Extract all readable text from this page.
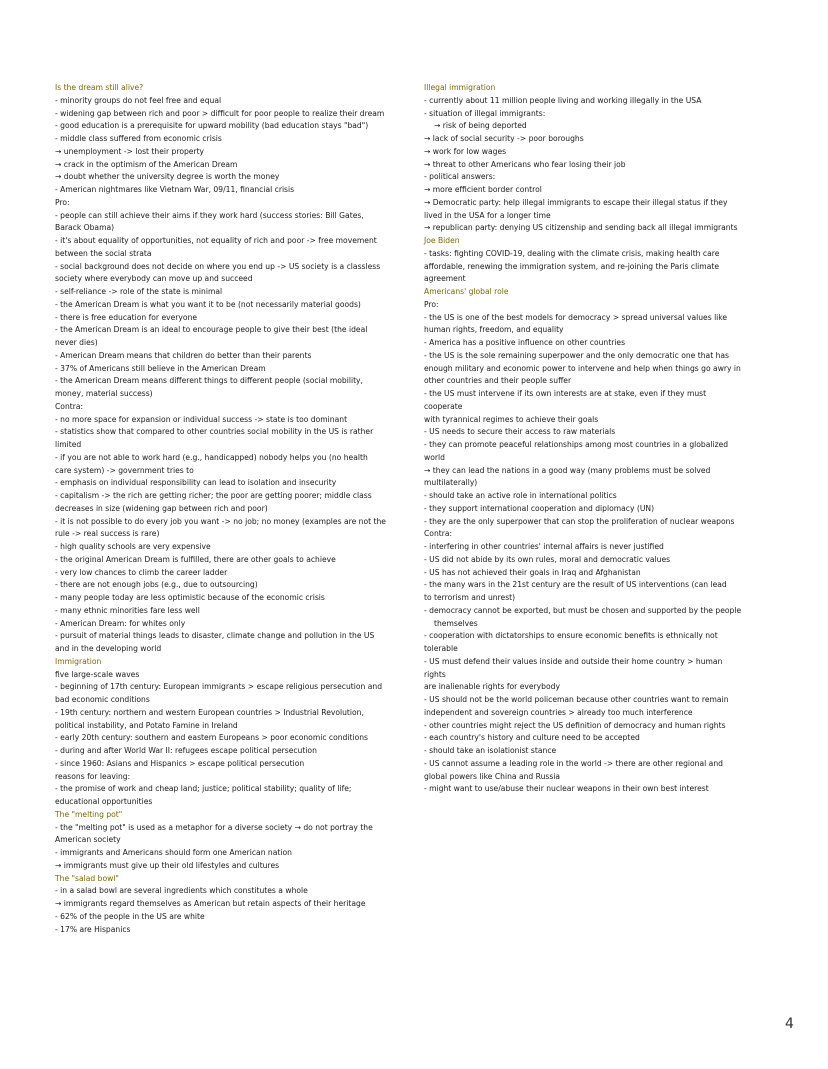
Is the dream still alive?
- minority groups do not feel free and equal
- widening gap between rich and poor > difficult for poor people to realize their dream
- good education is a prerequisite for upward mobility (bad education stays "bad")
- middle class suffered from economic crisis
→ unemployment -> lost their property
→ crack in the optimism of the American Dream
→ doubt whether the university degree is worth the money
- American nightmares like Vietnam War, 09/11, financial crisis
Pro:
- people can still achieve their aims if they work hard (success stories: Bill Gates,
Barack Obama)
- it's about equality of opportunities, not equality of rich and poor -> free movement
between the social strata
- social background does not decide on where you end up -> US society is a classless
society where everybody can move up and succeed
- self-reliance -> role of the state is minimal
- the American Dream is what you want it to be (not necessarily material goods)
- there is free education for everyone
- the American Dream is an ideal to encourage people to give their best (the ideal
never dies)
- American Dream means that children do better than their parents
- 37% of Americans still believe in the American Dream
- the American Dream means different things to different people (social mobility,
money, material success)
Contra:
- no more space for expansion or individual success -> state is too dominant
- statistics show that compared to other countries social mobility in the US is rather
limited
- if you are not able to work hard (e.g., handicapped) nobody helps you (no health
care system) -> government tries to
- emphasis on individual responsibility can lead to isolation and insecurity
- capitalism -> the rich are getting richer; the poor are getting poorer; middle class
decreases in size (widening gap between rich and poor)
- it is not possible to do every job you want -> no job; no money (examples are not the
rule -> real success is rare)
- high quality schools are very expensive
- the original American Dream is fulfilled, there are other goals to achieve
- very low chances to climb the career ladder
- there are not enough jobs (e.g., due to outsourcing)
- many people today are less optimistic because of the economic crisis
- many ethnic minorities fare less well
- American Dream: for whites only
- pursuit of material things leads to disaster, climate change and pollution in the US
and in the developing world
Immigration
five large-scale waves
- beginning of 17th century: European immigrants > escape religious persecution and
bad economic conditions
- 19th century: northern and western European countries > Industrial Revolution,
political instability, and Potato Famine in Ireland
- early 20th century: southern and eastern Europeans > poor economic conditions
- during and after World War II: refugees escape political persecution
- since 1960: Asians and Hispanics > escape political persecution
reasons for leaving:
- the promise of work and cheap land; justice; political stability; quality of life;
educational opportunities
The "melting pot"
- the "melting pot" is used as a metaphor for a diverse society → do not portray the
American society
- immigrants and Americans should form one American nation
→ immigrants must give up their old lifestyles and cultures
The "salad bowl"
- in a salad bowl are several ingredients which constitutes a whole
→ immigrants regard themselves as American but retain aspects of their heritage
- 62% of the people in the US are white
- 17% are Hispanics
Illegal immigration
- currently about 11 million people living and working illegally in the USA
- situation of illegal immigrants:
→ risk of being deported
→ lack of social security -> poor boroughs
→ work for low wages
→ threat to other Americans who fear losing their job
- political answers:
→ more efficient border control
→ Democratic party: help illegal immigrants to escape their illegal status if they
lived in the USA for a longer time
→ republican party: denying US citizenship and sending back all illegal immigrants
Joe Biden
- tasks: fighting COVID-19, dealing with the climate crisis, making health care
affordable, renewing the immigration system, and re-joining the Paris climate
agreement
Americans' global role
Pro:
- the US is one of the best models for democracy > spread universal values like
human rights, freedom, and equality
- America has a positive influence on other countries
- the US is the sole remaining superpower and the only democratic one that has
enough military and economic power to intervene and help when things go awry in
other countries and their people suffer
- the US must intervene if its own interests are at stake, even if they must
cooperate
with tyrannical regimes to achieve their goals
- US needs to secure their access to raw materials
- they can promote peaceful relationships among most countries in a globalized
world
→ they can lead the nations in a good way (many problems must be solved
multilaterally)
- should take an active role in international politics
- they support international cooperation and diplomacy (UN)
- they are the only superpower that can stop the proliferation of nuclear weapons
Contra:
- interfering in other countries' internal affairs is never justified
- US did not abide by its own rules, moral and democratic values
- US has not achieved their goals in Iraq and Afghanistan
- the many wars in the 21st century are the result of US interventions (can lead
to terrorism and unrest)
- democracy cannot be exported, but must be chosen and supported by the people
themselves
- cooperation with dictatorships to ensure economic benefits is ethnically not
tolerable
- US must defend their values inside and outside their home country > human
rights
are inalienable rights for everybody
- US should not be the world policeman because other countries want to remain
independent and sovereign countries > already too much interference
- other countries might reject the US definition of democracy and human rights
- each country's history and culture need to be accepted
- should take an isolationist stance
- US cannot assume a leading role in the world -> there are other regional and
global powers like China and Russia
- might want to use/abuse their nuclear weapons in their own best interest
4
